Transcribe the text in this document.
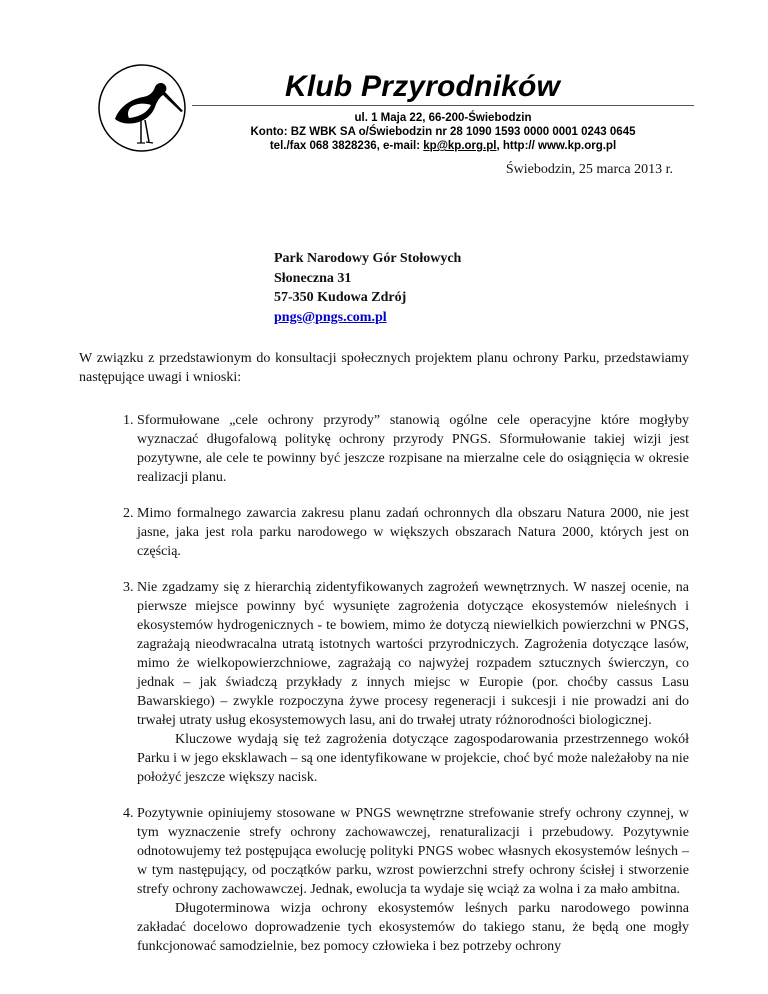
Klub Przyrodników
ul. 1 Maja 22, 66-200-Świebodzin
Konto: BZ WBK SA o/Świebodzin nr 28 1090 1593 0000 0001 0243 0645
tel./fax 068 3828236, e-mail: kp@kp.org.pl, http:// www.kp.org.pl
Świebodzin, 25 marca 2013 r.
Park Narodowy Gór Stołowych
Słoneczna 31
57-350 Kudowa Zdrój
pngs@pngs.com.pl
W związku z przedstawionym do konsultacji społecznych projektem planu ochrony Parku, przedstawiamy następujące uwagi i wnioski:
1. Sformułowane „cele ochrony przyrody” stanowią ogólne cele operacyjne które mogłyby wyznaczać długofalową politykę ochrony przyrody PNGS. Sformułowanie takiej wizji jest pozytywne, ale cele te powinny być jeszcze rozpisane na mierzalne cele do osiągnięcia w okresie realizacji planu.
2. Mimo formalnego zawarcia zakresu planu zadań ochronnych dla obszaru Natura 2000, nie jest jasne, jaka jest rola parku narodowego w większych obszarach Natura 2000, których jest on częścią.
3. Nie zgadzamy się z hierarchią zidentyfikowanych zagrożeń wewnętrznych. W naszej ocenie, na pierwsze miejsce powinny być wysunięte zagrożenia dotyczące ekosystemów nieleśnych i ekosystemów hydrogenicznych - te bowiem, mimo że dotyczą niewielkich powierzchni w PNGS, zagrażają nieodwracalna utratą istotnych wartości przyrodniczych. Zagrożenia dotyczące lasów, mimo że wielkopowierzchniowe, zagrażają co najwyżej rozpadem sztucznych świerczyn, co jednak – jak świadczą przykłady z innych miejsc w Europie (por. choćby cassus Lasu Bawarskiego) – zwykle rozpoczyna żywe procesy regeneracji i sukcesji i nie prowadzi ani do trwałej utraty usług ekosystemowych lasu, ani do trwałej utraty różnorodności biologicznej.
Kluczowe wydają się też zagrożenia dotyczące zagospodarowania przestrzennego wokół Parku i w jego eksklawach – są one identyfikowane w projekcie, choć być może należałoby na nie położyć jeszcze większy nacisk.
4. Pozytywnie opiniujemy stosowane w PNGS wewnętrzne strefowanie strefy ochrony czynnej, w tym wyznaczenie strefy ochrony zachowawczej, renaturalizacji i przebudowy. Pozytywnie odnotowujemy też postępująca ewolucję polityki PNGS wobec własnych ekosystemów leśnych – w tym następujący, od początków parku, wzrost powierzchni strefy ochrony ścisłej i stworzenie strefy ochrony zachowawczej. Jednak, ewolucja ta wydaje się wciąż za wolna i za mało ambitna.
Długoterminowa wizja ochrony ekosystemów leśnych parku narodowego powinna zakładać docelowo doprowadzenie tych ekosystemów do takiego stanu, że będą one mogły funkcjonować samodzielnie, bez pomocy człowieka i bez potrzeby ochrony
